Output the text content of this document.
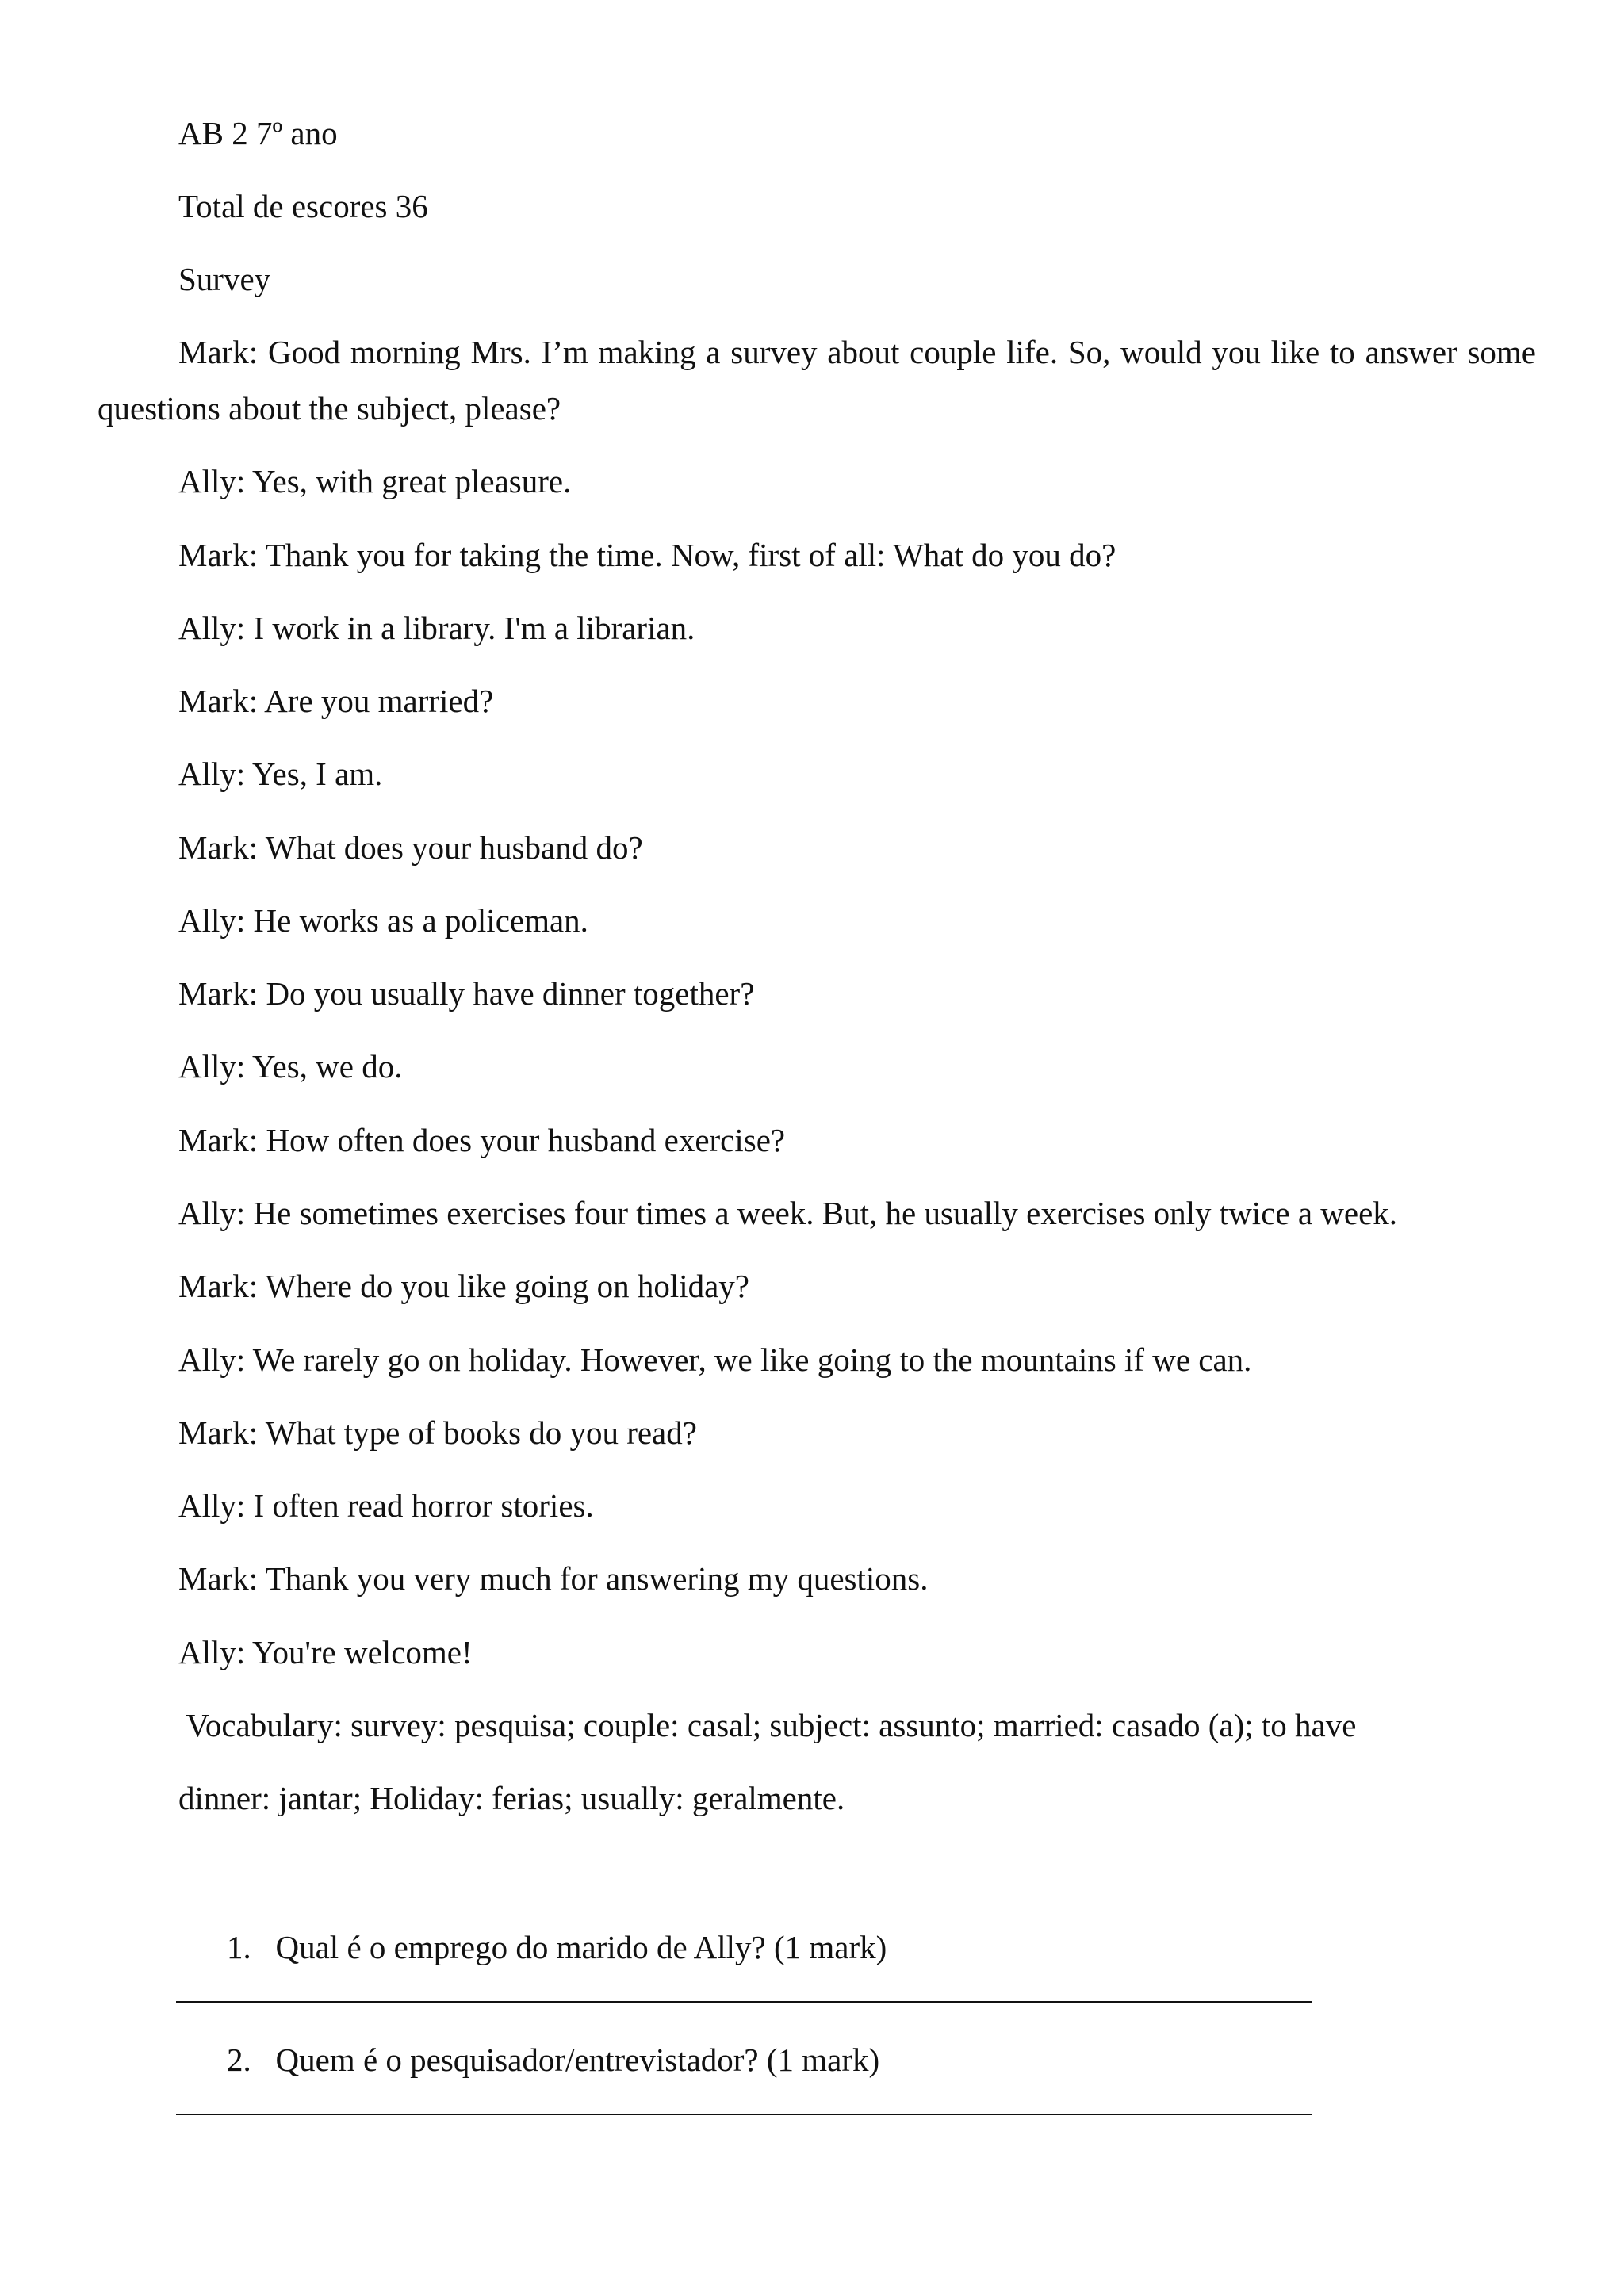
AB 2 7º ano
Total de escores 36
Survey
Mark: Good morning Mrs. I’m making a survey about couple life. So, would you like to answer some
questions about the subject, please?
Ally: Yes, with great pleasure.
Mark: Thank you for taking the time. Now, first of all: What do you do?
Ally: I work in a library. I'm a librarian.
Mark: Are you married?
Ally: Yes, I am.
Mark: What does your husband do?
Ally: He works as a policeman.
Mark: Do you usually have dinner together?
Ally: Yes, we do.
Mark: How often does your husband exercise?
Ally: He sometimes exercises four times a week. But, he usually exercises only twice a week.
Mark: Where do you like going on holiday?
Ally: We rarely go on holiday. However, we like going to the mountains if we can.
Mark: What type of books do you read?
Ally: I often read horror stories.
Mark: Thank you very much for answering my questions.
Ally: You're welcome!
Vocabulary: survey: pesquisa; couple: casal; subject: assunto; married: casado (a); to have
dinner: jantar; Holiday: ferias; usually: geralmente.
1.   Qual é o emprego do marido de Ally? (1 mark)
2.   Quem é o pesquisador/entrevistador? (1 mark)
